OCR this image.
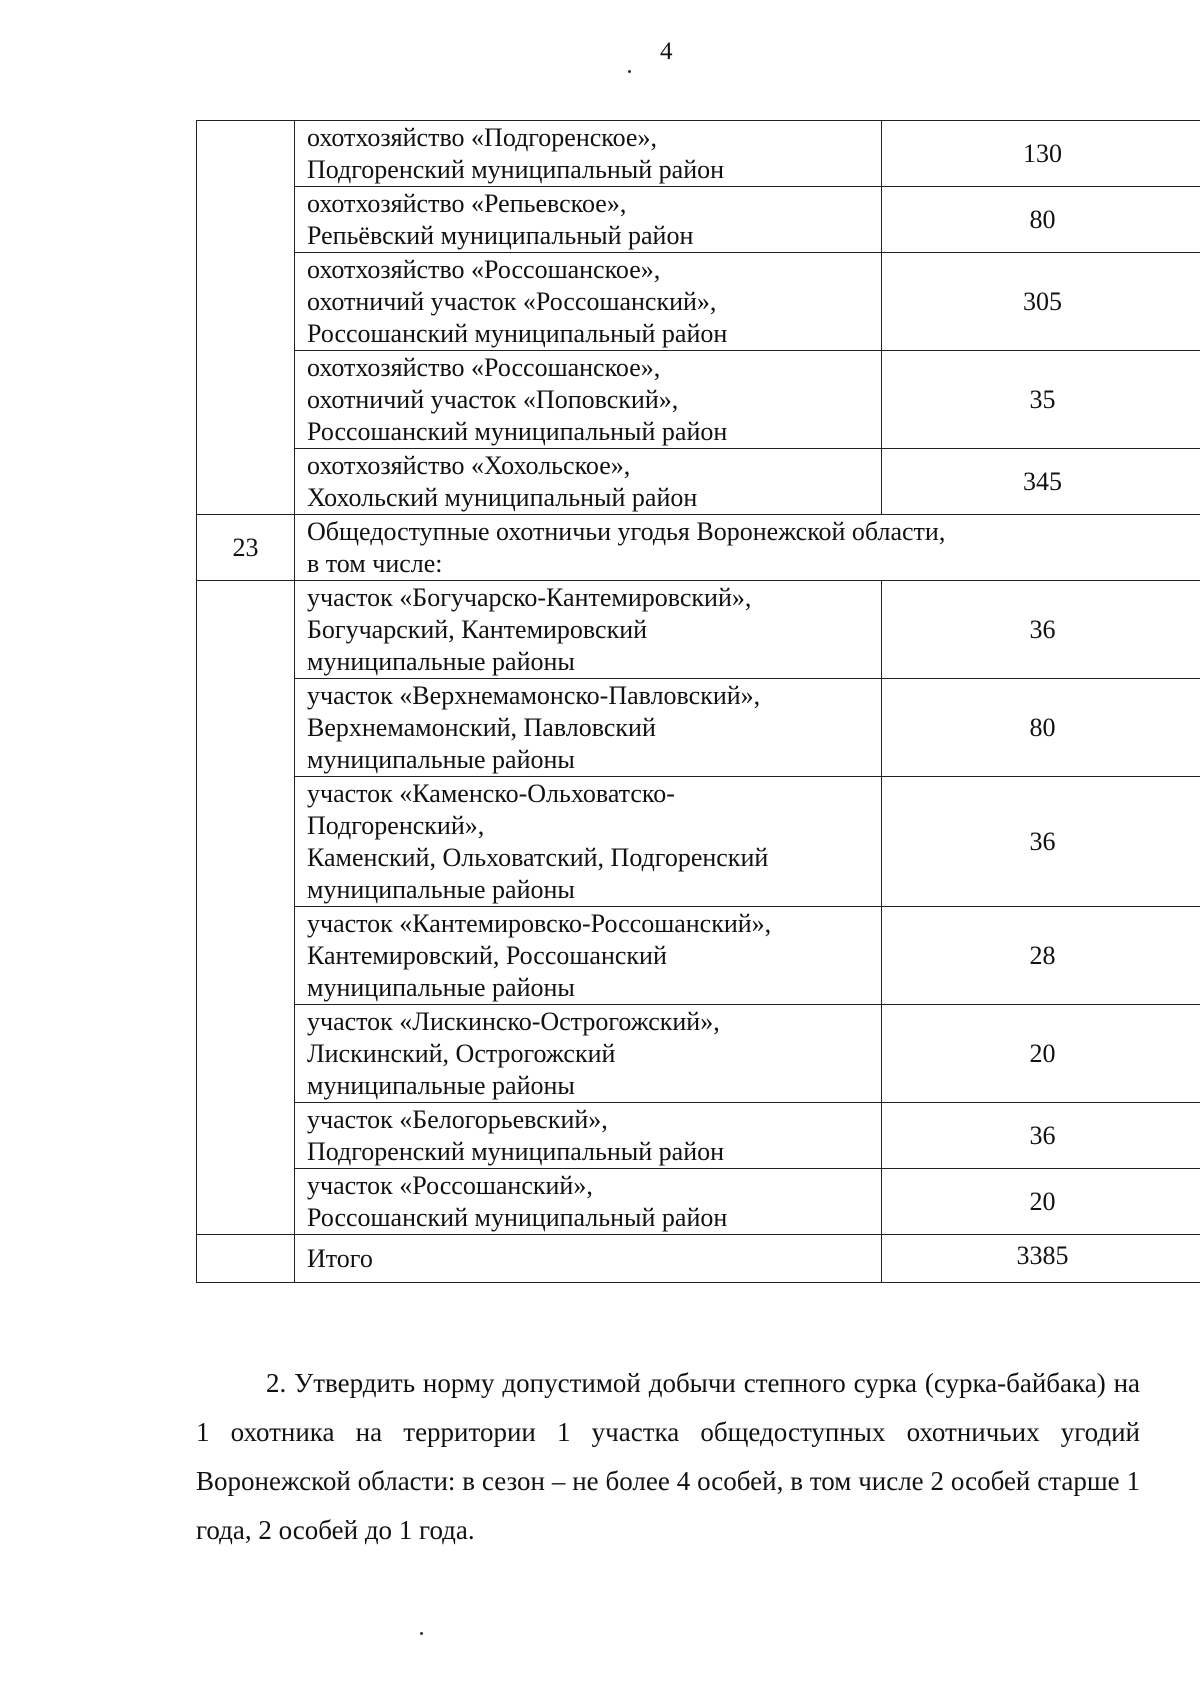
4

	охотхозяйство «Подгоренское»,
Подгоренский муниципальный район	130

	охотхозяйство «Репьевское»,
Репьёвский муниципальный район	80

	охотхозяйство «Россошанское»,
охотничий участок «Россошанский»,
Россошанский муниципальный район	305

	охотхозяйство «Россошанское»,
охотничий участок «Поповский»,
Россошанский муниципальный район	35

	охотхозяйство «Хохольское»,
Хохольский муниципальный район	345
23	Общедоступные охотничьи угодья Воронежской области,
в том числе:	

	участок «Богучарско-Кантемировский»,
Богучарский, Кантемировский
муниципальные районы	36

	участок «Верхнемамонско-Павловский»,
Верхнемамонский, Павловский
муниципальные районы	80

	участок «Каменско-Ольховатско-
Подгоренский»,
Каменский, Ольховатский, Подгоренский
муниципальные районы	36

	участок «Кантемировско-Россошанский»,
Кантемировский, Россошанский
муниципальные районы	28

	участок «Лискинско-Острогожский»,
Лискинский, Острогожский
муниципальные районы	20

	участок «Белогорьевский»,
Подгоренский муниципальный район	36

	участок «Россошанский»,
Россошанский муниципальный район	20
	Итого	3385

2. Утвердить норму допустимой добычи степного сурка (сурка-байбака) на 1 охотника на территории 1 участка общедоступных охотничьих угодий Воронежской области: в сезон – не более 4 особей, в том числе 2 особей старше 1 года, 2 особей до 1 года.
